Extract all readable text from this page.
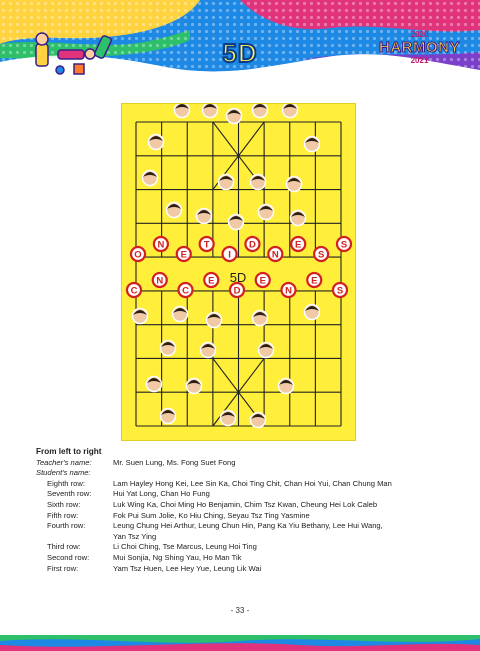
5D
2020
HARMONY
2021
O
N
E
T
I
D
N
E
S
S
C
N
C
E
D
E
N
E
S
5D
From left to right
Teacher's name:	Mr. Suen Lung, Ms. Fong Suet Fong
Student's name:
Eighth row:	Lam Hayley Hong Kei, Lee Sin Ka, Choi Ting Chit, Chan Hoi Yui, Chan Chung Man
Seventh row:	Hui Yat Long, Chan Ho Fung
Sixth row:	Luk Wing Ka, Choi Ming Ho Benjamin, Chim Tsz Kwan, Cheung Hei Lok Caleb
Fifth row:	Fok Pui Sum Jolie, Ko Hiu Ching, Seyau Tsz Ting Yasmine
Fourth row:	Leung Chung Hei Arthur, Leung Chun Hin, Pang Ka Yiu Bethany, Lee Hui Wang,
Yan Tsz Ying
Third row:	Li Choi Ching, Tse Marcus, Leung Hoi Ting
Second row:	Mui Sonjia, Ng Shing Yau, Ho Man Tik
First row:	Yam Tsz Huen, Lee Hey Yue, Leung Lik Wai
- 33 -
